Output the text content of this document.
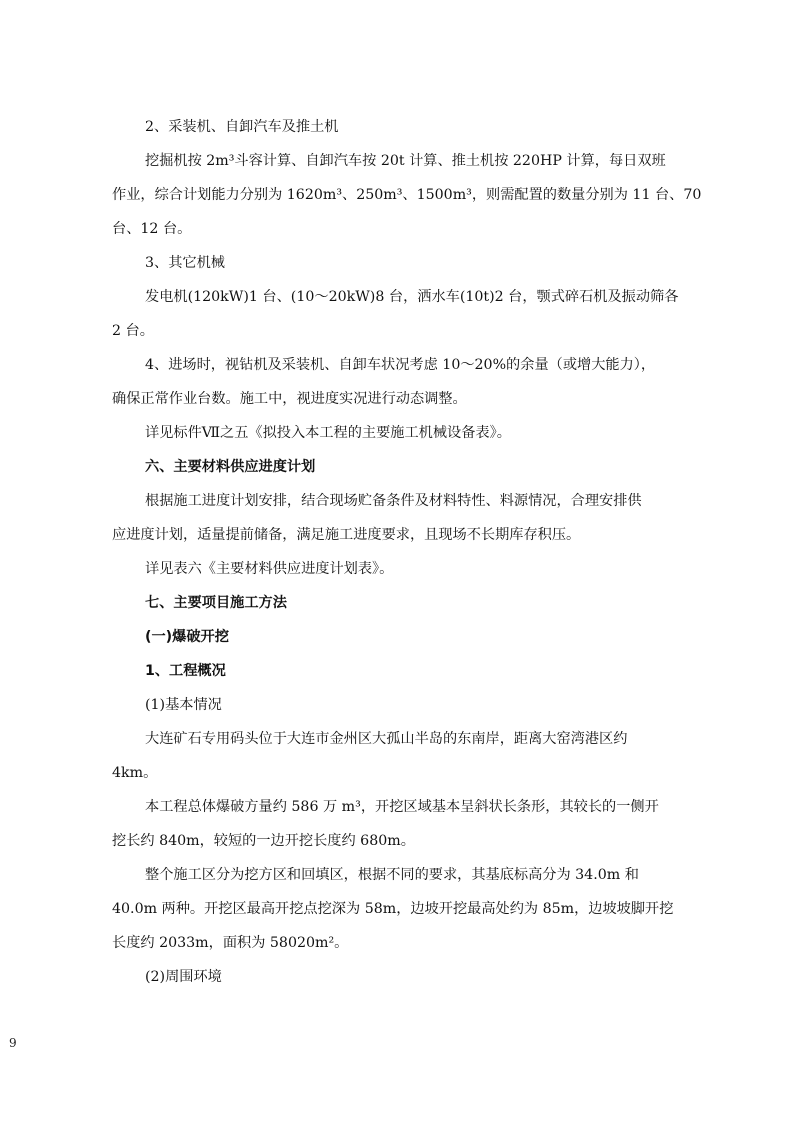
2、采装机、自卸汽车及推土机
挖掘机按 2m³斗容计算、自卸汽车按 20t 计算、推土机按 220HP 计算，每日双班
作业，综合计划能力分别为 1620m³、250m³、1500m³，则需配置的数量分别为 11 台、70
台、12 台。
3、其它机械
发电机(120kW)1 台、(10～20kW)8 台，洒水车(10t)2 台，颚式碎石机及振动筛各
2 台。
4、进场时，视钻机及采装机、自卸车状况考虑 10～20%的余量（或增大能力），
确保正常作业台数。施工中，视进度实况进行动态调整。
详见标件Ⅶ之五《拟投入本工程的主要施工机械设备表》。
六、主要材料供应进度计划
根据施工进度计划安排，结合现场贮备条件及材料特性、料源情况，合理安排供
应进度计划，适量提前储备，满足施工进度要求，且现场不长期库存积压。
详见表六《主要材料供应进度计划表》。
七、主要项目施工方法
(一)爆破开挖
1、工程概况
(1)基本情况
大连矿石专用码头位于大连市金州区大孤山半岛的东南岸，距离大窑湾港区约
4km。
本工程总体爆破方量约 586 万 m³，开挖区域基本呈斜状长条形，其较长的一侧开
挖长约 840m，较短的一边开挖长度约 680m。
整个施工区分为挖方区和回填区，根据不同的要求，其基底标高分为 34.0m 和
40.0m 两种。开挖区最高开挖点挖深为 58m，边坡开挖最高处约为 85m，边坡坡脚开挖
长度约 2033m，面积为 58020m²。
(2)周围环境
9
